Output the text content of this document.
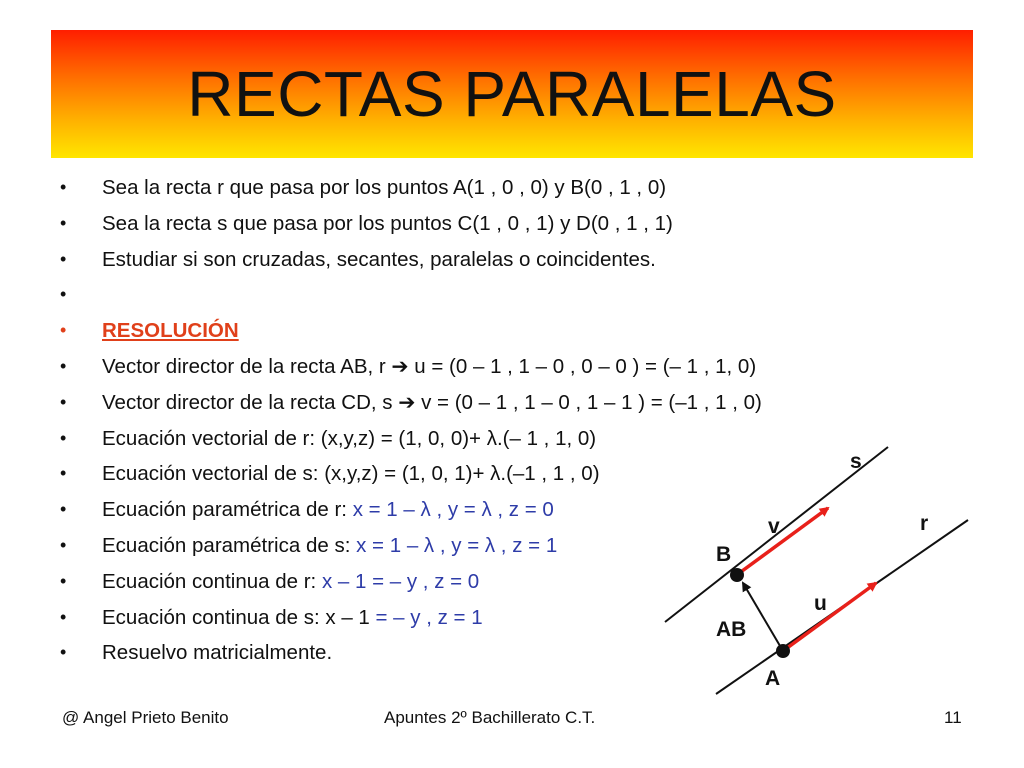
RECTAS PARALELAS
• Sea la recta r que pasa por los puntos A(1 , 0 , 0) y B(0 , 1 , 0)
• Sea la recta s que pasa por los puntos C(1 , 0 , 1) y D(0 , 1 , 1)
• Estudiar si son cruzadas, secantes, paralelas o coincidentes.
•
• RESOLUCIÓN
• Vector director de la recta AB, r ➔ u = (0 – 1 , 1 – 0 , 0 – 0 ) = (– 1 , 1, 0)
• Vector director de la recta CD, s ➔ v = (0 – 1 , 1 – 0 , 1 – 1 ) = (–1 , 1 , 0)
• Ecuación vectorial de r: (x,y,z) = (1, 0, 0)+ λ.(– 1 , 1, 0)
• Ecuación vectorial de s: (x,y,z) = (1, 0, 1)+ λ.(–1 , 1 , 0)
• Ecuación paramétrica de r: x = 1 – λ , y = λ , z = 0
• Ecuación paramétrica de s: x = 1 – λ , y = λ , z = 1
• Ecuación continua de r: x – 1 = – y , z = 0
• Ecuación continua de s: x – 1 = – y , z = 1
• Resuelvo matricialmente.
s
r
v
u
B
AB
A
@ Angel Prieto Benito	Apuntes 2º Bachillerato C.T.	11
